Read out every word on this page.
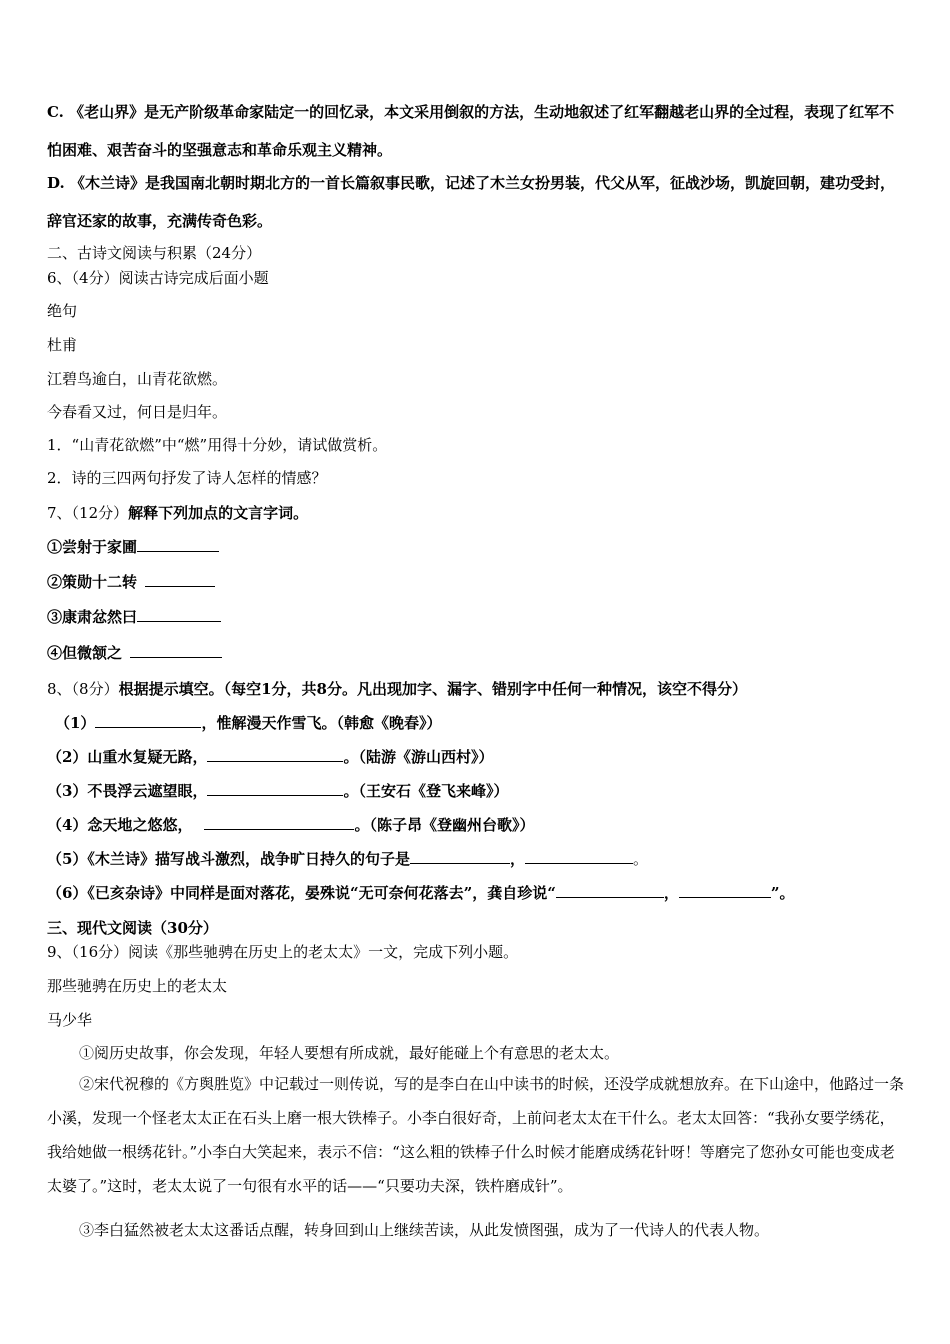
C. 《老山界》是无产阶级革命家陆定一的回忆录，本文采用倒叙的方法，生动地叙述了红军翻越老山界的全过程，表现了红军不怕困难、艰苦奋斗的坚强意志和革命乐观主义精神。
D. 《木兰诗》是我国南北朝时期北方的一首长篇叙事民歌，记述了木兰女扮男装，代父从军，征战沙场，凯旋回朝，建功受封，辞官还家的故事，充满传奇色彩。
二、古诗文阅读与积累（24分）
6、（4分）阅读古诗完成后面小题
绝句
杜甫
江碧鸟逾白，山青花欲燃。
今春看又过，何日是归年。
1．“山青花欲燃”中“燃”用得十分妙，请试做赏析。
2．诗的三四两句抒发了诗人怎样的情感？
7、（12分）解释下列加点的文言字词。
①尝射于家圃
②策勋十二转
③康肃忿然曰
④但微颔之
8、（8分）根据提示填空。（每空1分，共8分。凡出现加字、漏字、错别字中任何一种情况，该空不得分）
（1）	，惟解漫天作雪飞。（韩愈《晚春》）
（2）山重水复疑无路，	。（陆游《游山西村》）
（3）不畏浮云遮望眼，	。（王安石《登飞来峰》）
（4）念天地之悠悠，	。（陈子昂《登幽州台歌》）
（5）《木兰诗》描写战斗激烈，战争旷日持久的句子是	，	。
（6）《已亥杂诗》中同样是面对落花，晏殊说“无可奈何花落去”，龚自珍说“	，	”。
三、现代文阅读（30分）
9、（16分）阅读《那些驰骋在历史上的老太太》一文，完成下列小题。
那些驰骋在历史上的老太太
马少华
①阅历史故事，你会发现，年轻人要想有所成就，最好能碰上个有意思的老太太。
②宋代祝穆的《方舆胜览》中记载过一则传说，写的是李白在山中读书的时候，还没学成就想放弃。在下山途中，他路过一条小溪，发现一个怪老太太正在石头上磨一根大铁棒子。小李白很好奇，上前问老太太在干什么。老太太回答：“我孙女要学绣花，我给她做一根绣花针。”小李白大笑起来，表示不信：“这么粗的铁棒子什么时候才能磨成绣花针呀！等磨完了您孙女可能也变成老太婆了。”这时，老太太说了一句很有水平的话——“只要功夫深，铁杵磨成针”。
③李白猛然被老太太这番话点醒，转身回到山上继续苦读，从此发愤图强，成为了一代诗人的代表人物。
